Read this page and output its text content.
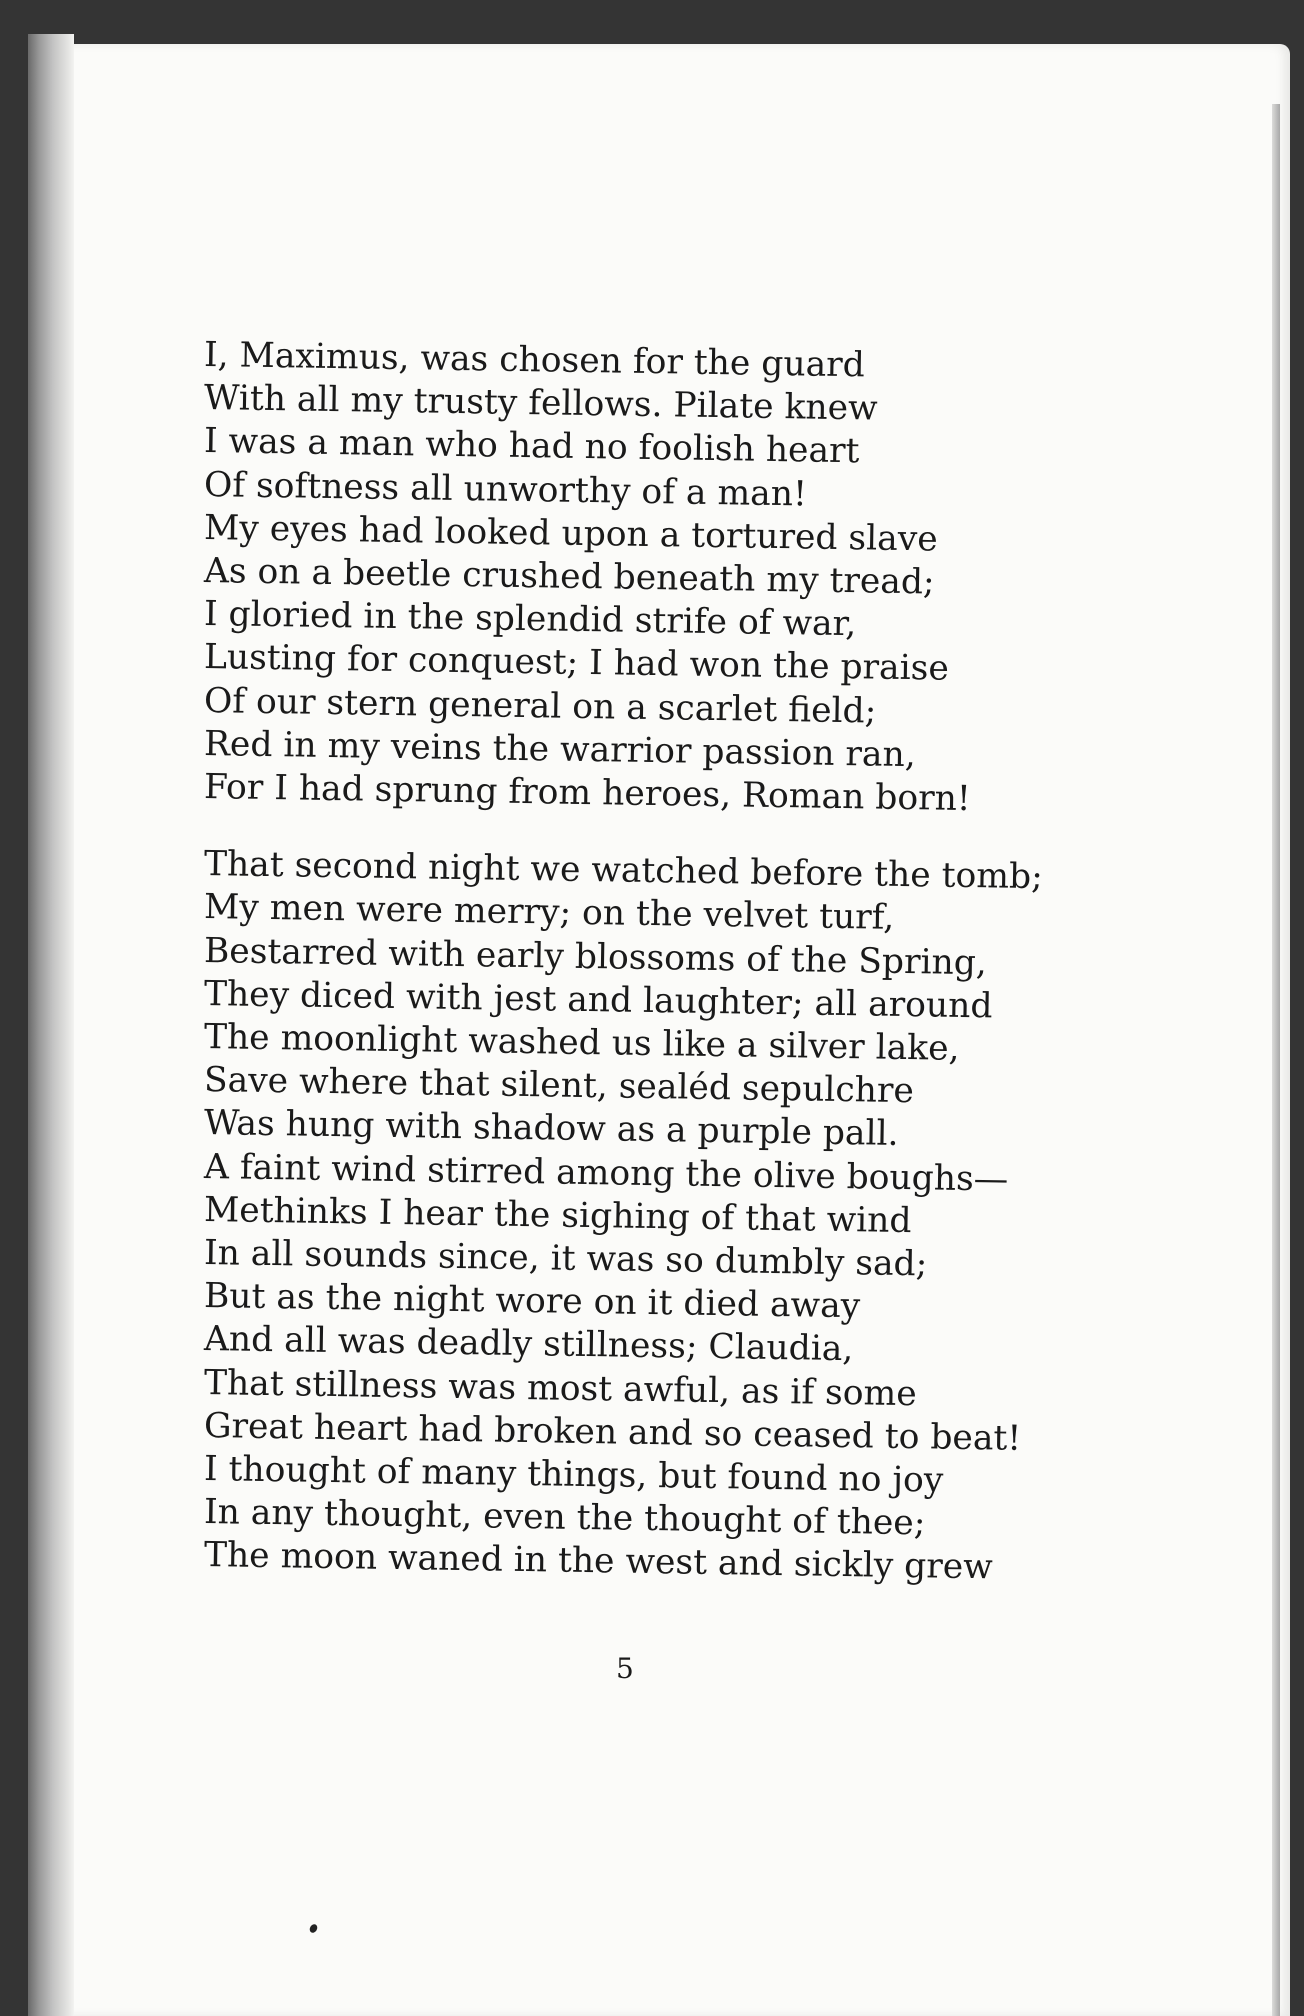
I, Maximus, was chosen for the guard
With all my trusty fellows. Pilate knew
I was a man who had no foolish heart
Of softness all unworthy of a man!
My eyes had looked upon a tortured slave
As on a beetle crushed beneath my tread;
I gloried in the splendid strife of war,
Lusting for conquest; I had won the praise
Of our stern general on a scarlet field;
Red in my veins the warrior passion ran,
For I had sprung from heroes, Roman born!
That second night we watched before the tomb;
My men were merry; on the velvet turf,
Bestarred with early blossoms of the Spring,
They diced with jest and laughter; all around
The moonlight washed us like a silver lake,
Save where that silent, sealéd sepulchre
Was hung with shadow as a purple pall.
A faint wind stirred among the olive boughs—
Methinks I hear the sighing of that wind
In all sounds since, it was so dumbly sad;
But as the night wore on it died away
And all was deadly stillness; Claudia,
That stillness was most awful, as if some
Great heart had broken and so ceased to beat!
I thought of many things, but found no joy
In any thought, even the thought of thee;
The moon waned in the west and sickly grew
5
